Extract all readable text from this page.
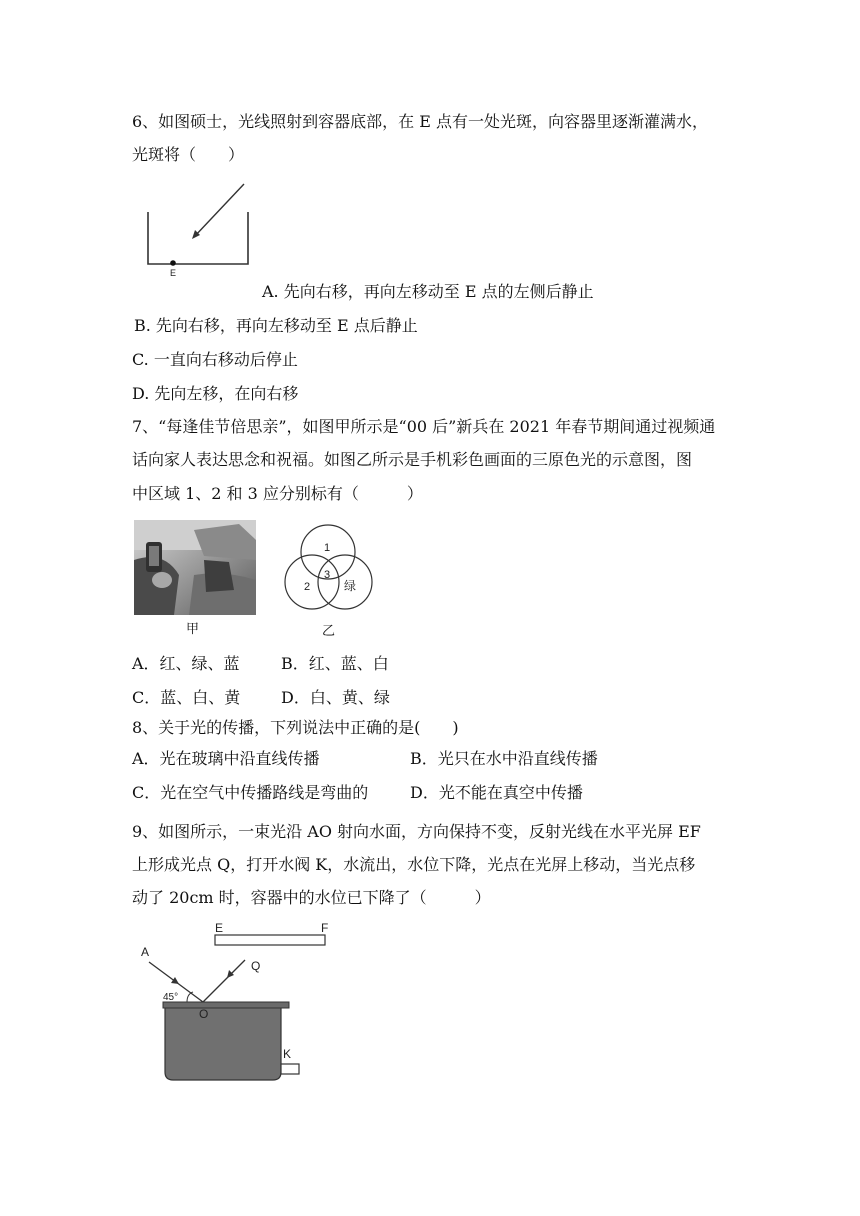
6、如图硕士，光线照射到容器底部，在 E 点有一处光斑，向容器里逐渐灌满水，
光斑将（　　）
E
A. 先向右移，再向左移动至 E 点的左侧后静止
B. 先向右移，再向左移动至 E 点后静止
C. 一直向右移动后停止
D. 先向左移，在向右移
7、“每逢佳节倍思亲”，如图甲所示是“00 后”新兵在 2021 年春节期间通过视频通
话向家人表达思念和祝福。如图乙所示是手机彩色画面的三原色光的示意图，图
中区域 1、2 和 3 应分别标有（　　　）
甲
1
2
3
绿
乙
A．红、绿、蓝	B．红、蓝、白
C．蓝、白、黄	D．白、黄、绿
8、关于光的传播，下列说法中正确的是(　　)
A．光在玻璃中沿直线传播	B．光只在水中沿直线传播
C．光在空气中传播路线是弯曲的	D．光不能在真空中传播
9、如图所示，一束光沿 AO 射向水面，方向保持不变，反射光线在水平光屏 EF
上形成光点 Q，打开水阀 K，水流出，水位下降，光点在光屏上移动，当光点移
动了 20cm 时，容器中的水位已下降了（　　　）
A
E	F
Q
O
K
45°
